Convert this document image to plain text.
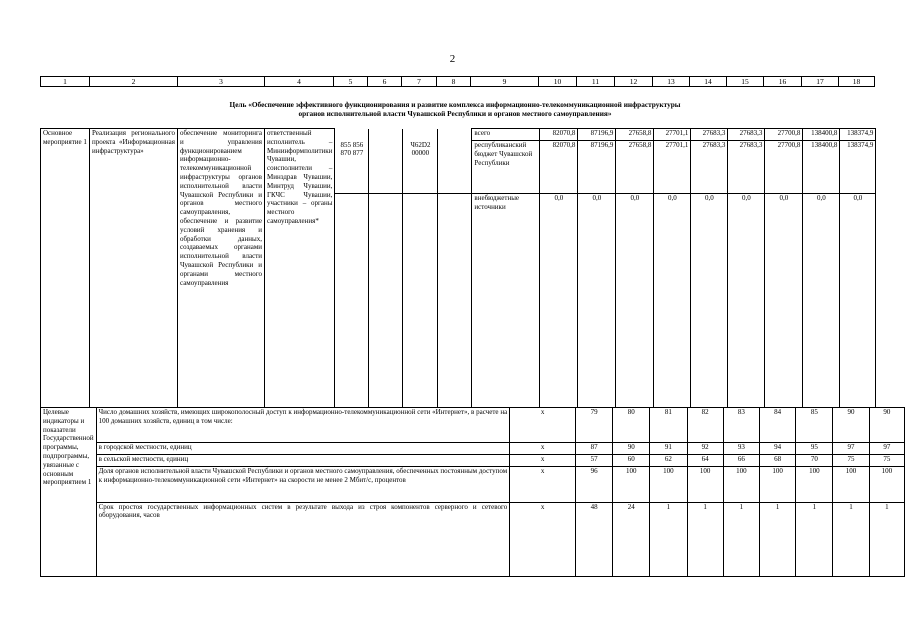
2
1	2	3	4	5	6	7	8	9	10	11	12	13	14	15	16	17	18
Цель «Обеспечение эффективного функционирования и развитие комплекса информационно-телекоммуникационной инфраструктуры
органов исполнительной власти Чувашской Республики и органов местного самоуправления»
Основное мероприятие 1	Реализация регионального проекта «Информационная инфраструктура»	обеспечение мониторинга и управления функционированием информационно-телекоммуникационной инфраструктуры органов исполнительной власти Чувашской Республики и органов местного самоуправления, обеспечение и развитие условий хранения и обработки данных, создаваемых органами исполнительной власти Чувашской Республики и органами местного самоуправления	ответственный исполнитель – Мининформполитики Чувашии, соисполнители – Минздрав Чувашии, Минтруд Чувашии, ГКЧС Чувашии, участники – органы местного самоуправления*					всего	82070,8	87196,9	27658,8	27701,1	27683,3	27683,3	27700,8	138400,8	138374,9
				855 856 870 877		Ч62D2 00000		республиканский бюджет Чувашской Республики	82070,8	87196,9	27658,8	27701,1	27683,3	27683,3	27700,8	138400,8	138374,9
								внебюджетные источники	0,0	0,0	0,0	0,0	0,0	0,0	0,0	0,0	0,0
Целевые индикаторы и показатели Государственной программы, подпрограммы, увязанные с основным мероприятием 1	Число домашних хозяйств, имеющих широкополосный доступ к информационно-телекоммуникационной сети «Интернет», в расчете на 100 домашних хозяйств, единиц в том числе:	x	79	80	81	82	83	84	85	90	90
	в городской местности, единиц	x	87	90	91	92	93	94	95	97	97
	в сельской местности, единиц	x	57	60	62	64	66	68	70	75	75
	Доля органов исполнительной власти Чувашской Республики и органов местного самоуправления, обеспеченных постоянным доступом к информационно-телекоммуникационной сети «Интернет» на скорости не менее 2 Мбит/с, процентов	x	96	100	100	100	100	100	100	100	100
	Срок простоя государственных информационных систем в результате выхода из строя компонентов серверного и сетевого оборудования, часов	x	48	24	1	1	1	1	1	1	1
